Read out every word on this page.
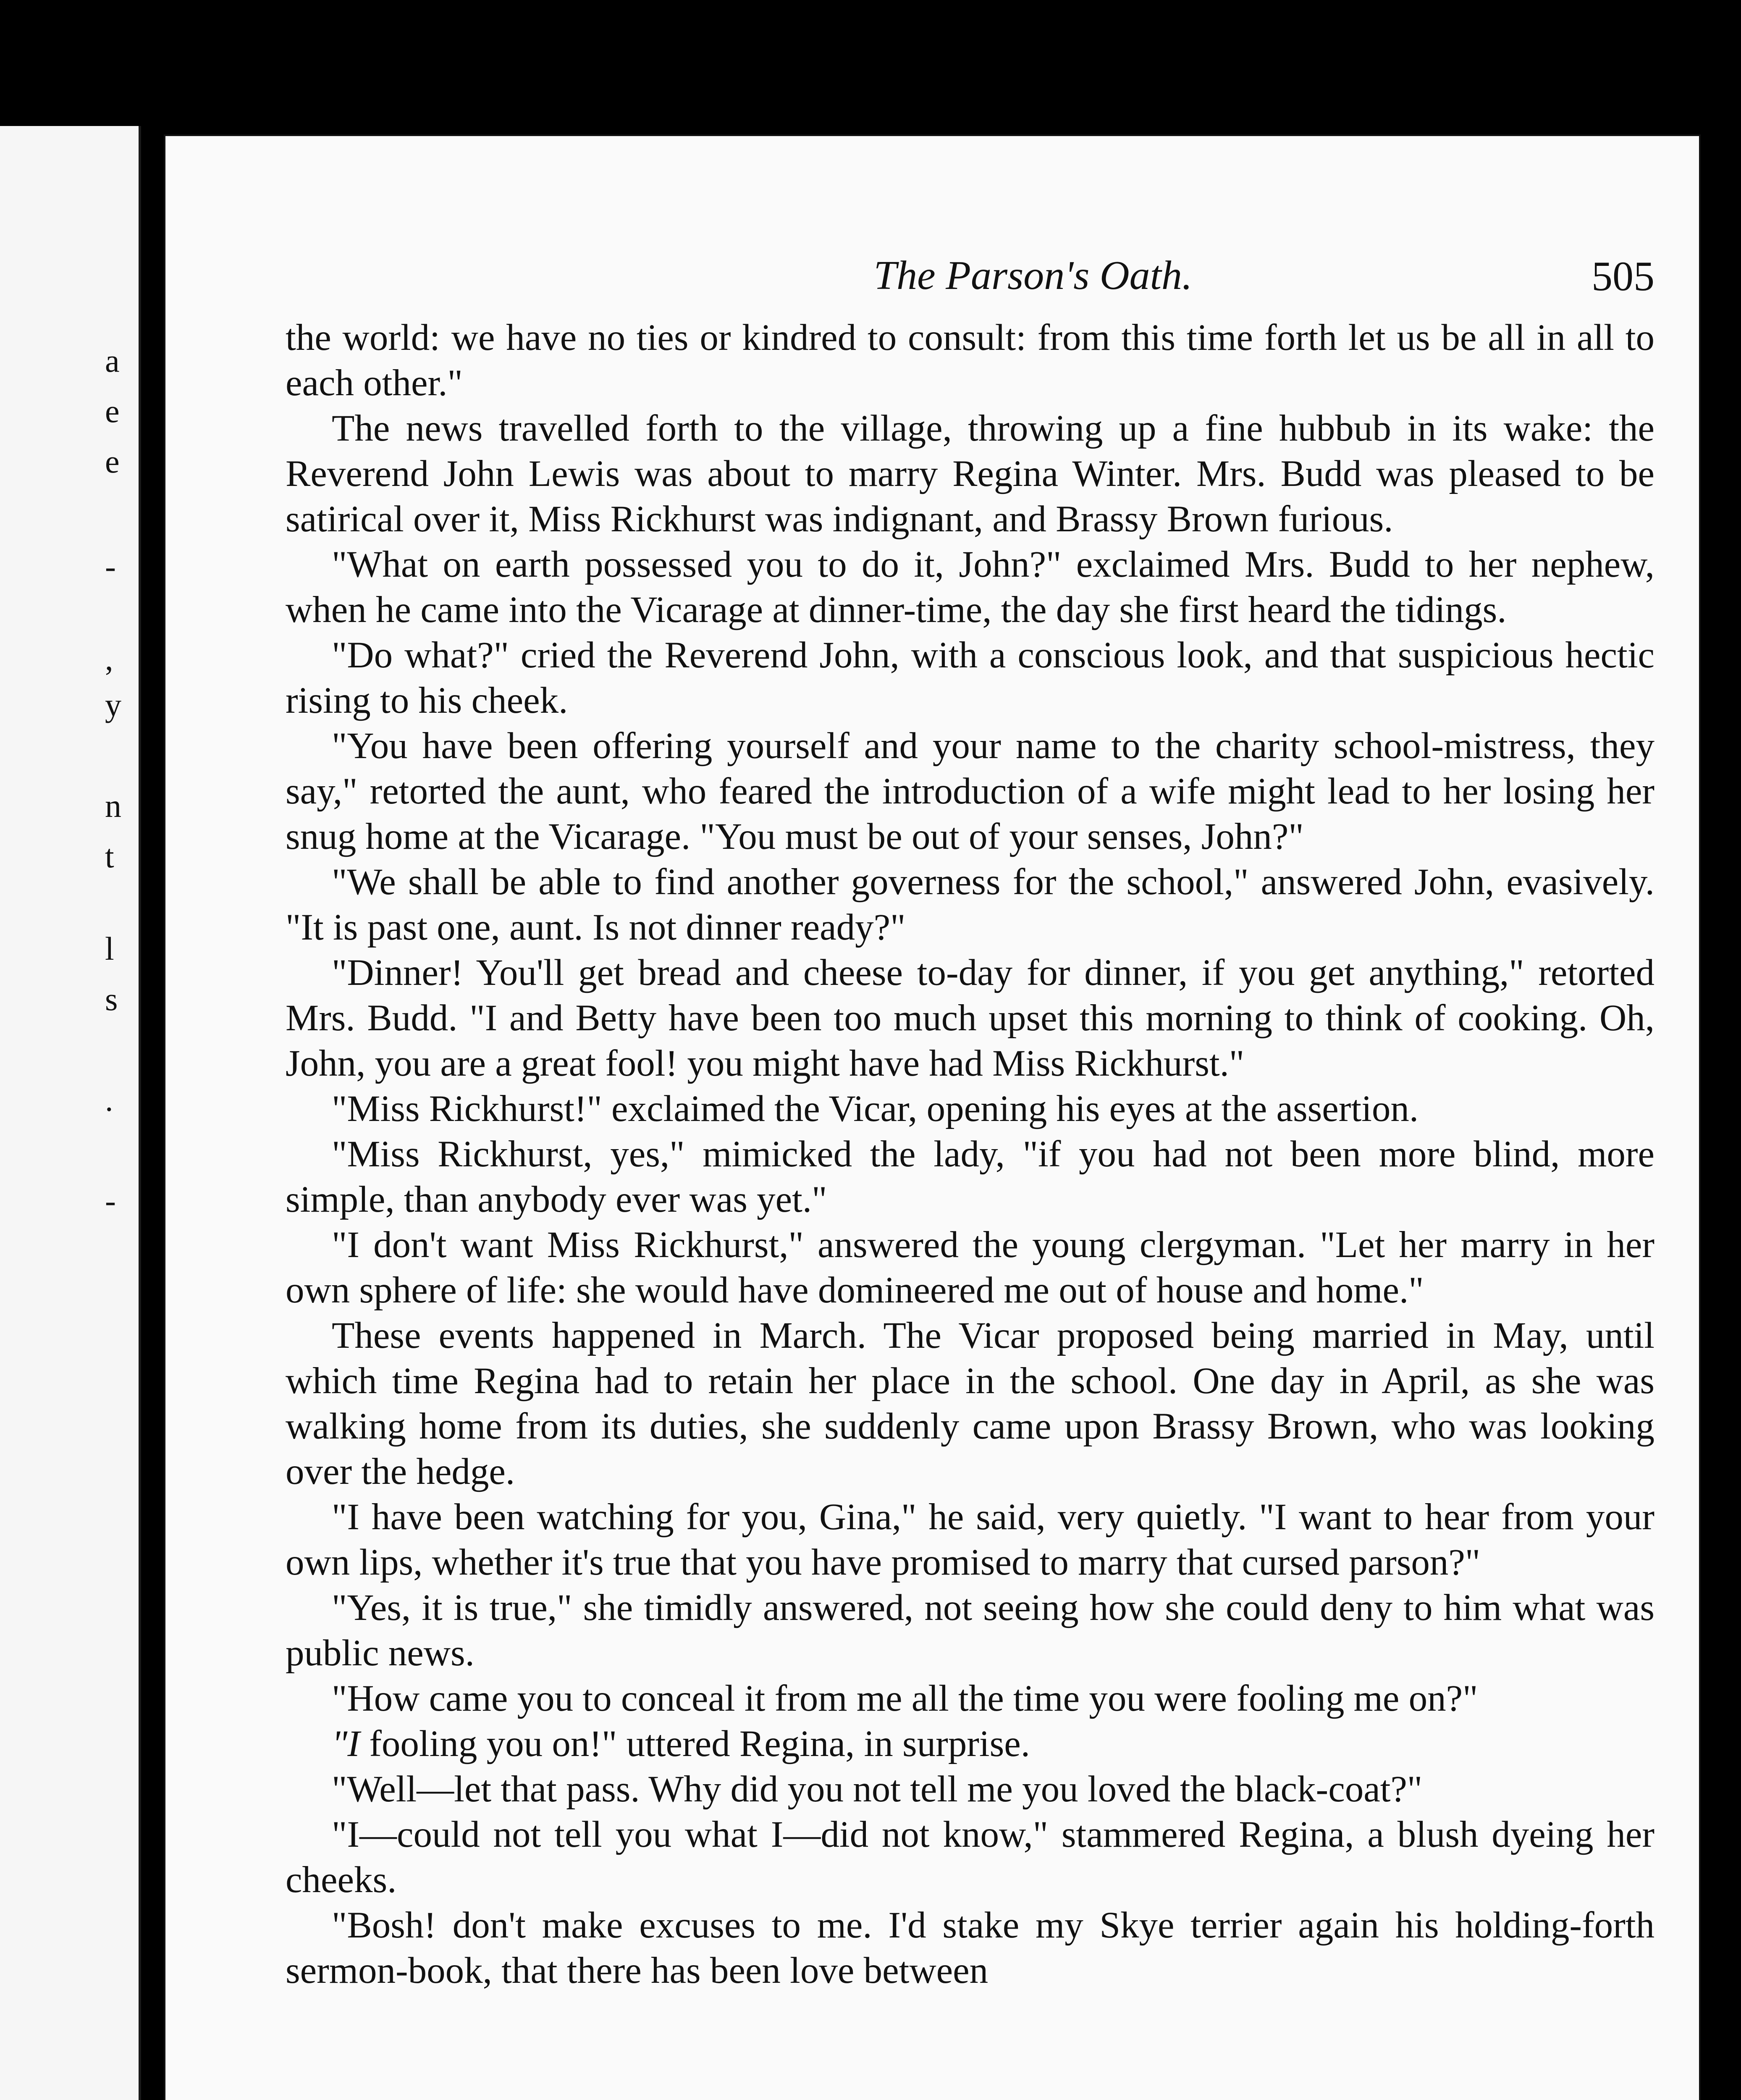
a
e
e
-
,
y
n
t
l
s
.
-
The Parson's Oath.	505

the world: we have no ties or kindred to consult: from this time forth let us be all in all to each other."

The news travelled forth to the village, throwing up a fine hubbub in its wake: the Reverend John Lewis was about to marry Regina Winter. Mrs. Budd was pleased to be satirical over it, Miss Rickhurst was indignant, and Brassy Brown furious.

"What on earth possessed you to do it, John?" exclaimed Mrs. Budd to her nephew, when he came into the Vicarage at dinner-time, the day she first heard the tidings.

"Do what?" cried the Reverend John, with a conscious look, and that suspicious hectic rising to his cheek.

"You have been offering yourself and your name to the charity school-mistress, they say," retorted the aunt, who feared the introduction of a wife might lead to her losing her snug home at the Vicarage. "You must be out of your senses, John?"

"We shall be able to find another governess for the school," answered John, evasively. "It is past one, aunt. Is not dinner ready?"

"Dinner! You'll get bread and cheese to-day for dinner, if you get anything," retorted Mrs. Budd. "I and Betty have been too much upset this morning to think of cooking. Oh, John, you are a great fool! you might have had Miss Rickhurst."

"Miss Rickhurst!" exclaimed the Vicar, opening his eyes at the assertion.

"Miss Rickhurst, yes," mimicked the lady, "if you had not been more blind, more simple, than anybody ever was yet."

"I don't want Miss Rickhurst," answered the young clergyman. "Let her marry in her own sphere of life: she would have domineered me out of house and home."

These events happened in March. The Vicar proposed being married in May, until which time Regina had to retain her place in the school. One day in April, as she was walking home from its duties, she suddenly came upon Brassy Brown, who was looking over the hedge.

"I have been watching for you, Gina," he said, very quietly. "I want to hear from your own lips, whether it's true that you have promised to marry that cursed parson?"

"Yes, it is true," she timidly answered, not seeing how she could deny to him what was public news.

"How came you to conceal it from me all the time you were fooling me on?"

"I fooling you on!" uttered Regina, in surprise.

"Well—let that pass. Why did you not tell me you loved the black-coat?"

"I—could not tell you what I—did not know," stammered Regina, a blush dyeing her cheeks.

"Bosh! don't make excuses to me. I'd stake my Skye terrier again his holding-forth sermon-book, that there has been love between
